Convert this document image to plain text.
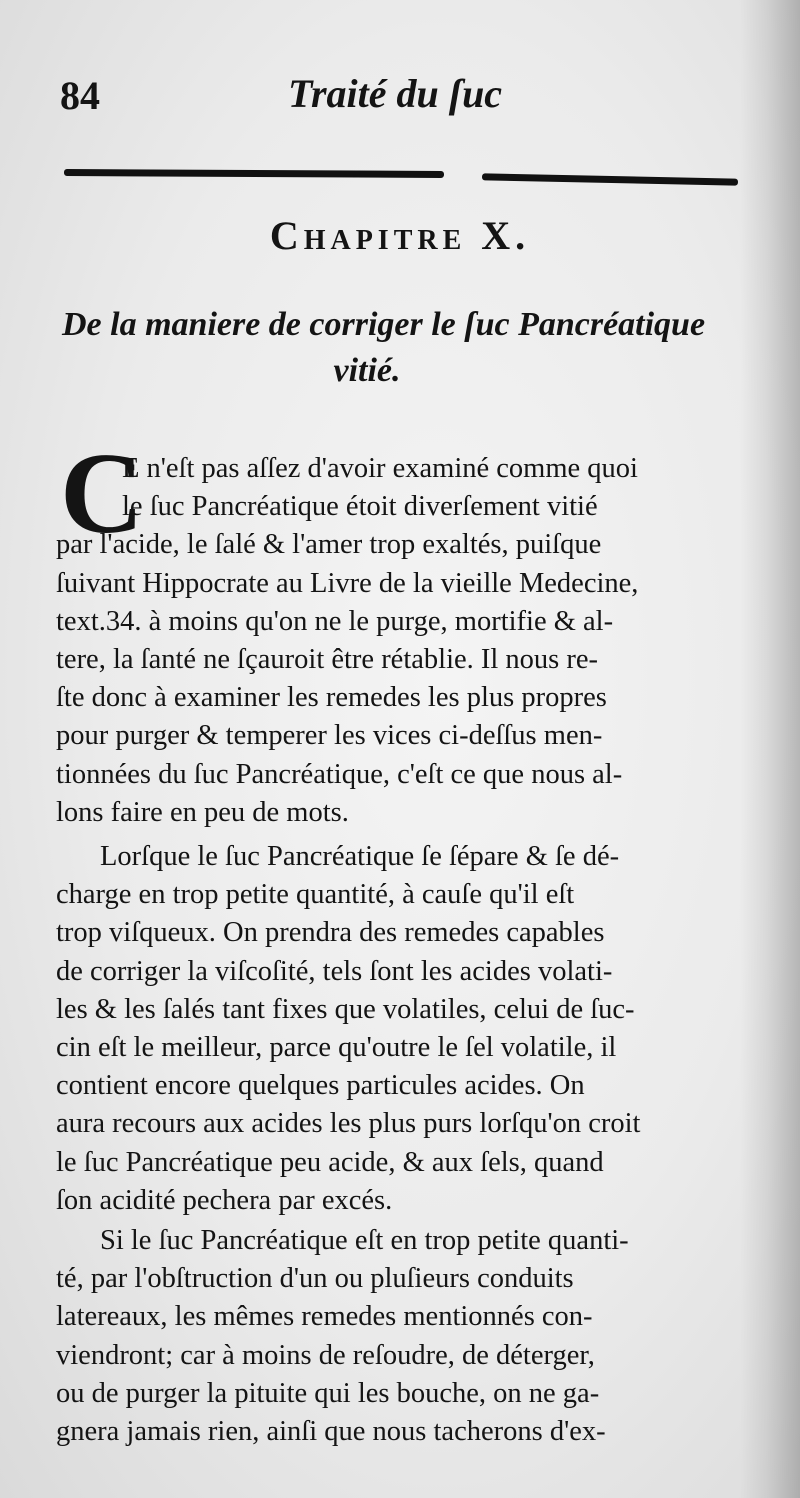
84	Traité du ſuc
Chapitre X.
De la maniere de corriger le ſuc Pancréatique
vitié.
C
E n'eſt pas aſſez d'avoir examiné comme quoi
le ſuc Pancréatique étoit diverſement vitié
par l'acide, le ſalé & l'amer trop exaltés, puiſque
ſuivant Hippocrate au Livre de la vieille Medecine,
text.34. à moins qu'on ne le purge, mortifie & al-
tere, la ſanté ne ſçauroit être rétablie. Il nous re-
ſte donc à examiner les remedes les plus propres
pour purger & temperer les vices ci-deſſus men-
tionnées du ſuc Pancréatique, c'eſt ce que nous al-
lons faire en peu de mots.
Lorſque le ſuc Pancréatique ſe ſépare & ſe dé-
charge en trop petite quantité, à cauſe qu'il eſt
trop viſqueux. On prendra des remedes capables
de corriger la viſcoſité, tels ſont les acides volati-
les & les ſalés tant fixes que volatiles, celui de ſuc-
cin eſt le meilleur, parce qu'outre le ſel volatile, il
contient encore quelques particules acides. On
aura recours aux acides les plus purs lorſqu'on croit
le ſuc Pancréatique peu acide, & aux ſels, quand
ſon acidité pechera par excés.
Si le ſuc Pancréatique eſt en trop petite quanti-
té, par l'obſtruction d'un ou pluſieurs conduits
latereaux, les mêmes remedes mentionnés con-
viendront; car à moins de reſoudre, de déterger,
ou de purger la pituite qui les bouche, on ne ga-
gnera jamais rien, ainſi que nous tacherons d'ex-
